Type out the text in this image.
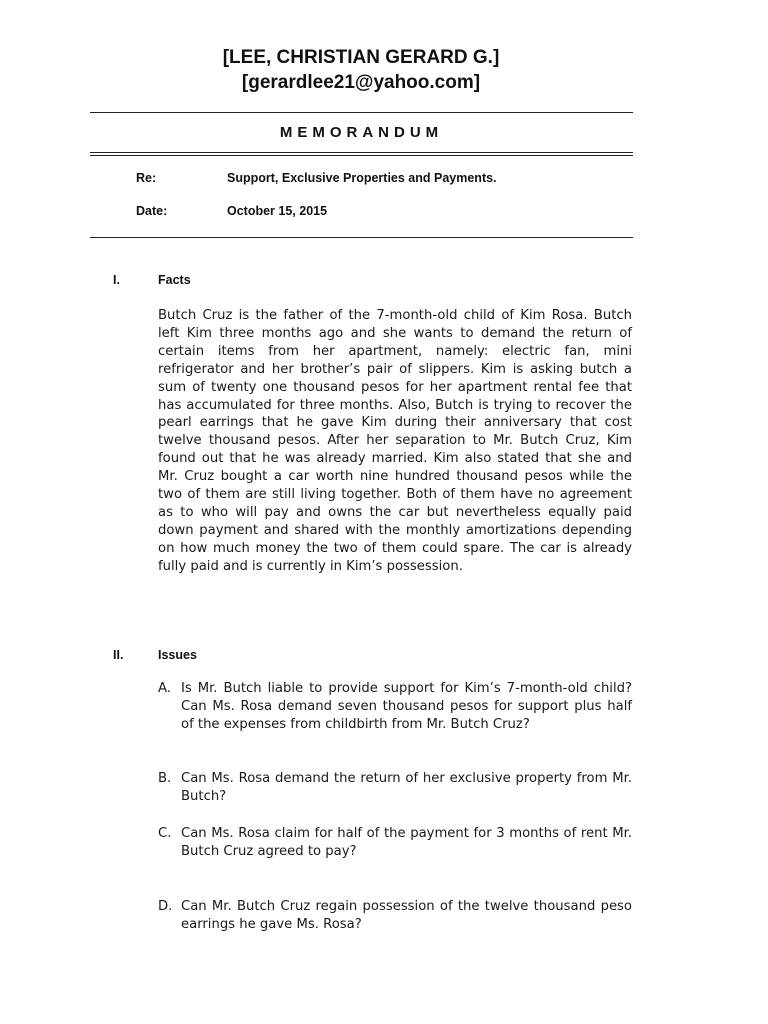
[LEE, CHRISTIAN GERARD G.]
[gerardlee21@yahoo.com]
MEMORANDUM
Re:	Support, Exclusive Properties and Payments.
Date:	October 15, 2015
I.	Facts

Butch Cruz is the father of the 7-month-old child of Kim Rosa. Butch left Kim three months ago and she wants to demand the return of certain items from her apartment, namely: electric fan, mini refrigerator and her brother’s pair of slippers. Kim is asking butch a sum of twenty one thousand pesos for her apartment rental fee that has accumulated for three months. Also, Butch is trying to recover the pearl earrings that he gave Kim during their anniversary that cost twelve thousand pesos. After her separation to Mr. Butch Cruz, Kim found out that he was already married. Kim also stated that she and Mr. Cruz bought a car worth nine hundred thousand pesos while the two of them are still living together. Both of them have no agreement as to who will pay and owns the car but nevertheless equally paid down payment and shared with the monthly amortizations depending on how much money the two of them could spare. The car is already fully paid and is currently in Kim’s possession.

II.	Issues
A. Is Mr. Butch liable to provide support for Kim’s 7-month-old child? Can Ms. Rosa demand seven thousand pesos for support plus half of the expenses from childbirth from Mr. Butch Cruz?

B. Can Ms. Rosa demand the return of her exclusive property from Mr. Butch?

C. Can Ms. Rosa claim for half of the payment for 3 months of rent Mr. Butch Cruz agreed to pay?

D. Can Mr. Butch Cruz regain possession of the twelve thousand peso earrings he gave Ms. Rosa?
